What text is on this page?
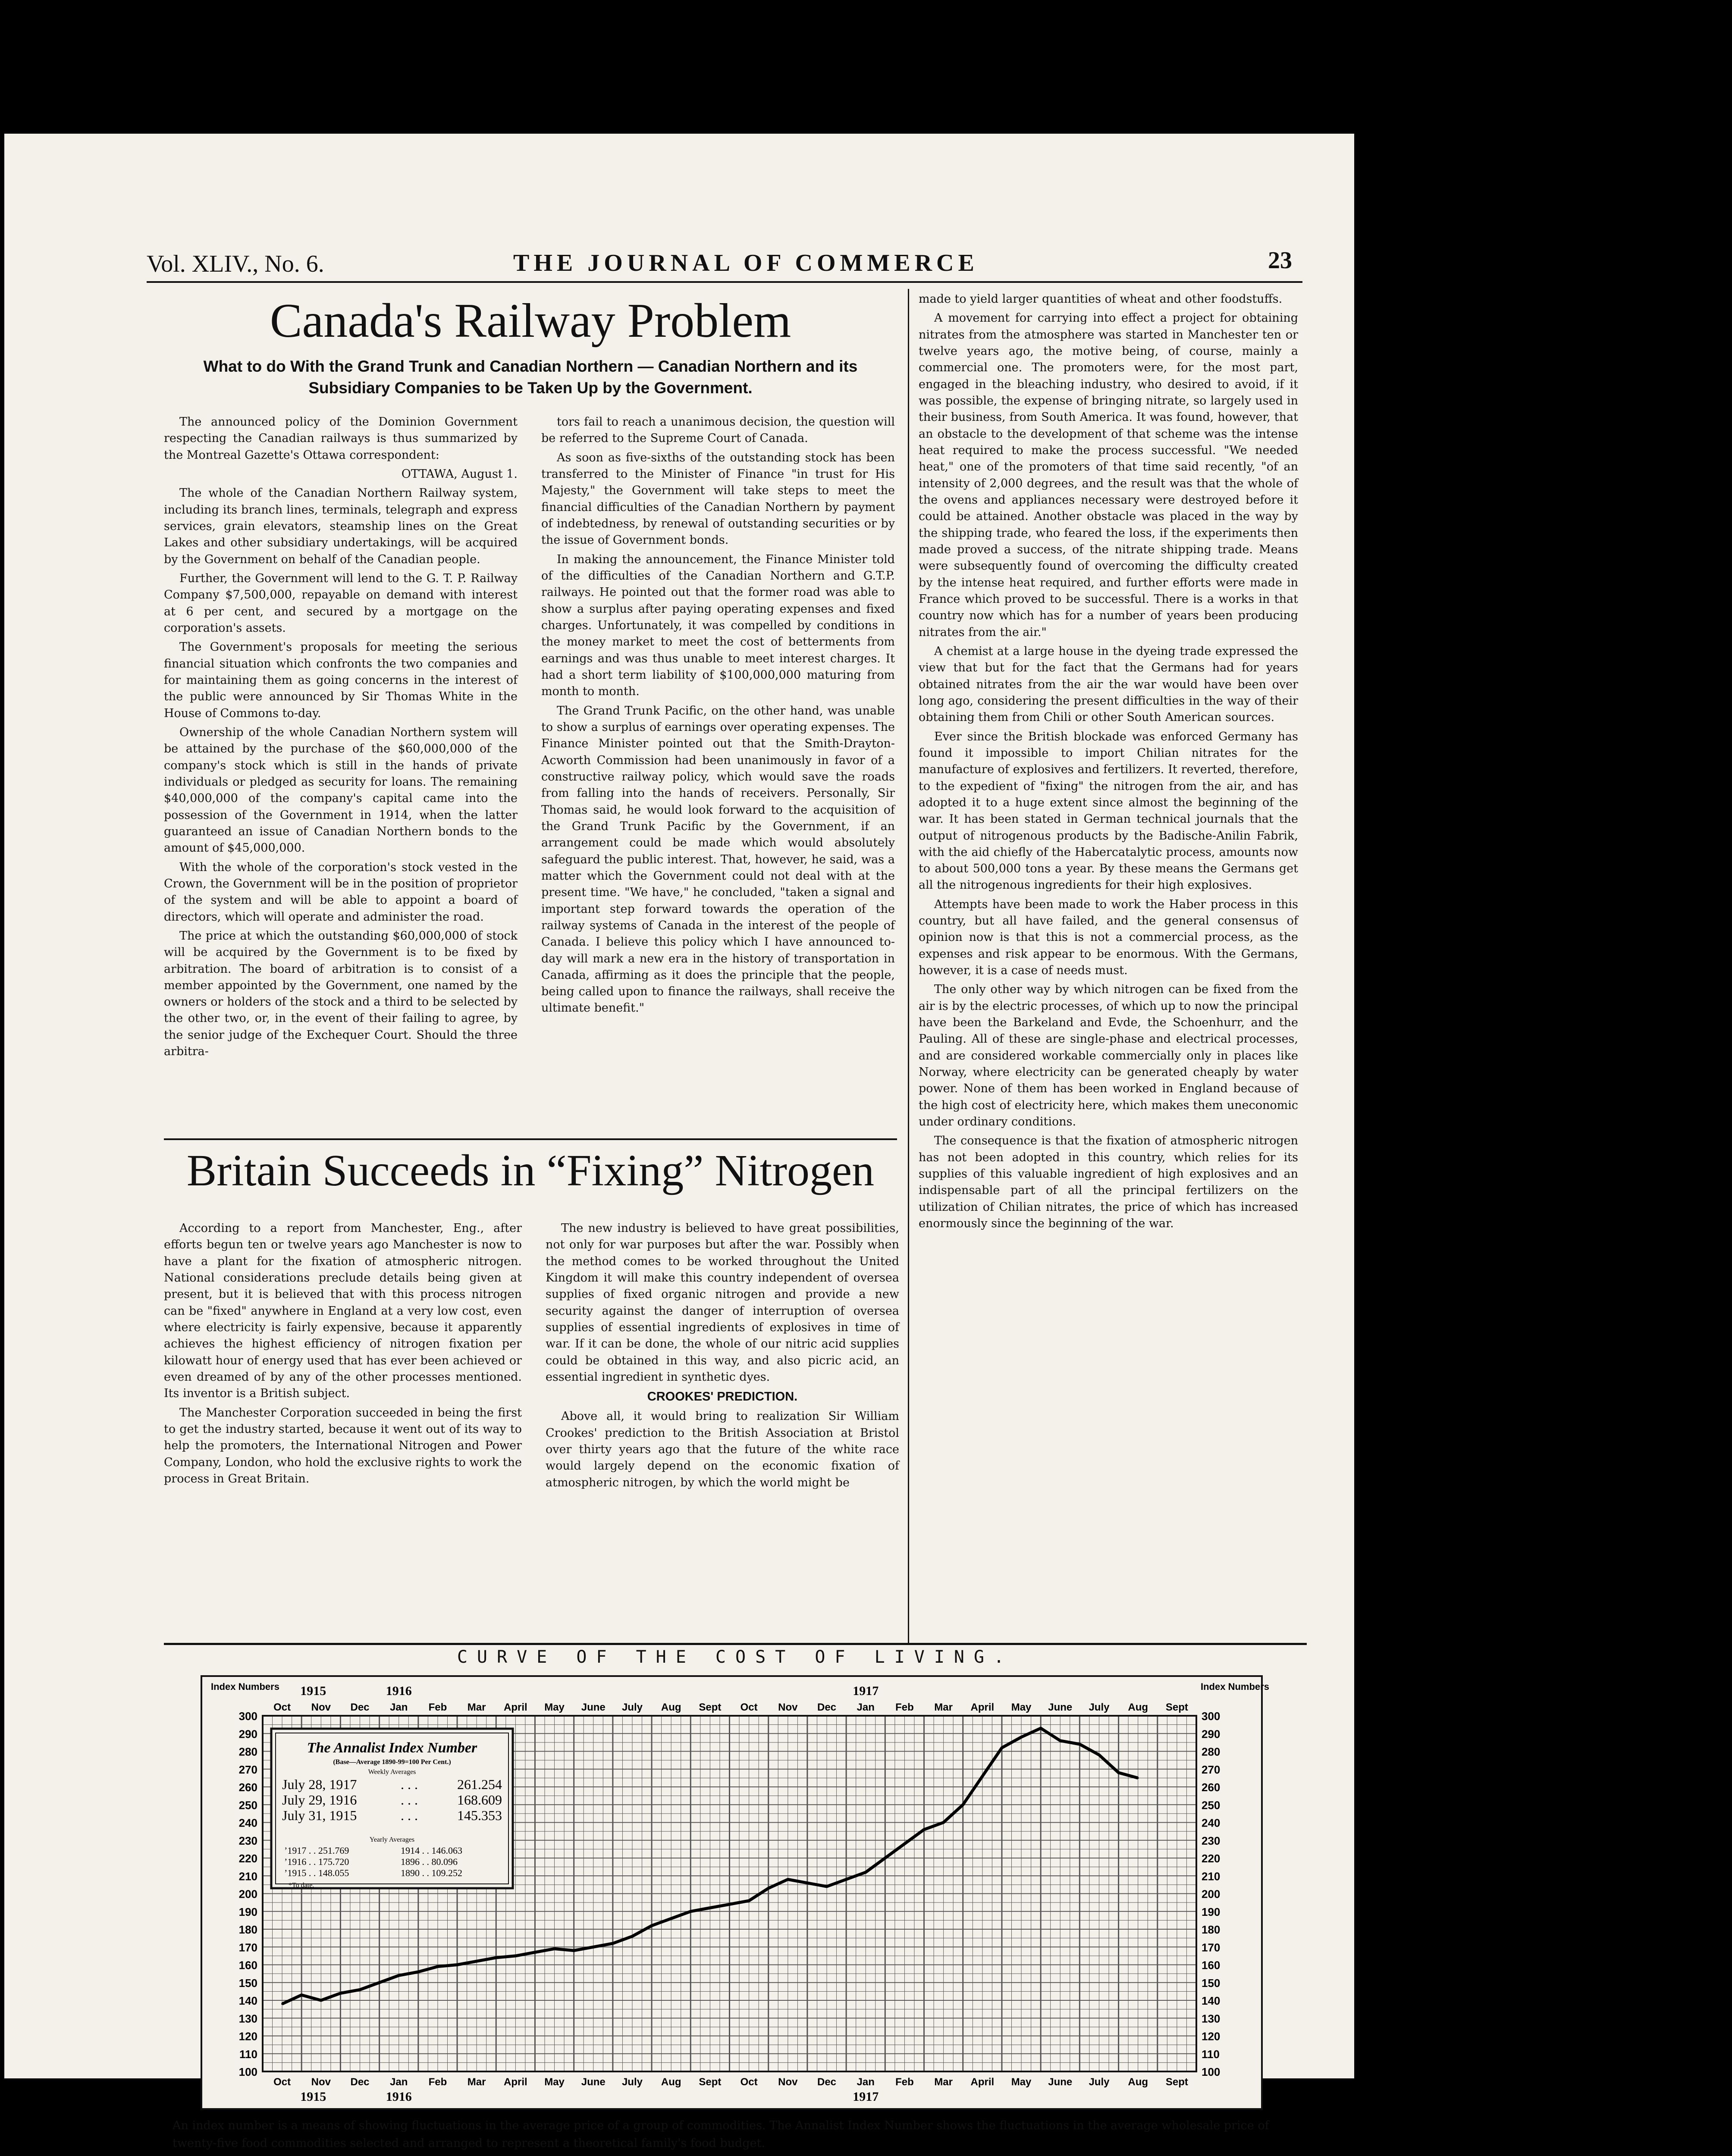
Vol. XLIV., No. 6.	THE JOURNAL OF COMMERCE	23
Canada's Railway Problem
What to do With the Grand Trunk and Canadian Northern — Canadian Northern and its Subsidiary Companies to be Taken Up by the Government.

The announced policy of the Dominion Government respecting the Canadian railways is thus summarized by the Montreal Gazette's Ottawa correspondent:

OTTAWA, August 1.

The whole of the Canadian Northern Railway system, including its branch lines, terminals, telegraph and express services, grain elevators, steamship lines on the Great Lakes and other subsidiary undertakings, will be acquired by the Government on behalf of the Canadian people.

Further, the Government will lend to the G. T. P. Railway Company $7,500,000, repayable on demand with interest at 6 per cent, and secured by a mortgage on the corporation's assets.

The Government's proposals for meeting the serious financial situation which confronts the two companies and for maintaining them as going concerns in the interest of the public were announced by Sir Thomas White in the House of Commons to-day.

Ownership of the whole Canadian Northern system will be attained by the purchase of the $60,000,000 of the company's stock which is still in the hands of private individuals or pledged as security for loans. The remaining $40,000,000 of the company's capital came into the possession of the Government in 1914, when the latter guaranteed an issue of Canadian Northern bonds to the amount of $45,000,000.

With the whole of the corporation's stock vested in the Crown, the Government will be in the position of proprietor of the system and will be able to appoint a board of directors, which will operate and administer the road.

The price at which the outstanding $60,000,000 of stock will be acquired by the Government is to be fixed by arbitration. The board of arbitration is to consist of a member appointed by the Government, one named by the owners or holders of the stock and a third to be selected by the other two, or, in the event of their failing to agree, by the senior judge of the Exchequer Court. Should the three arbitra-

tors fail to reach a unanimous decision, the question will be referred to the Supreme Court of Canada.

As soon as five-sixths of the outstanding stock has been transferred to the Minister of Finance "in trust for His Majesty," the Government will take steps to meet the financial difficulties of the Canadian Northern by payment of indebtedness, by renewal of outstanding securities or by the issue of Government bonds.

In making the announcement, the Finance Minister told of the difficulties of the Canadian Northern and G.T.P. railways. He pointed out that the former road was able to show a surplus after paying operating expenses and fixed charges. Unfortunately, it was compelled by conditions in the money market to meet the cost of betterments from earnings and was thus unable to meet interest charges. It had a short term liability of $100,000,000 maturing from month to month.

The Grand Trunk Pacific, on the other hand, was unable to show a surplus of earnings over operating expenses. The Finance Minister pointed out that the Smith-Drayton-Acworth Commission had been unanimously in favor of a constructive railway policy, which would save the roads from falling into the hands of receivers. Personally, Sir Thomas said, he would look forward to the acquisition of the Grand Trunk Pacific by the Government, if an arrangement could be made which would absolutely safeguard the public interest. That, however, he said, was a matter which the Government could not deal with at the present time. "We have," he concluded, "taken a signal and important step forward towards the operation of the railway systems of Canada in the interest of the people of Canada. I believe this policy which I have announced to-day will mark a new era in the history of transportation in Canada, affirming as it does the principle that the people, being called upon to finance the railways, shall receive the ultimate benefit."

made to yield larger quantities of wheat and other foodstuffs.

A movement for carrying into effect a project for obtaining nitrates from the atmosphere was started in Manchester ten or twelve years ago, the motive being, of course, mainly a commercial one. The promoters were, for the most part, engaged in the bleaching industry, who desired to avoid, if it was possible, the expense of bringing nitrate, so largely used in their business, from South America. It was found, however, that an obstacle to the development of that scheme was the intense heat required to make the process successful. "We needed heat," one of the promoters of that time said recently, "of an intensity of 2,000 degrees, and the result was that the whole of the ovens and appliances necessary were destroyed before it could be attained. Another obstacle was placed in the way by the shipping trade, who feared the loss, if the experiments then made proved a success, of the nitrate shipping trade. Means were subsequently found of overcoming the difficulty created by the intense heat required, and further efforts were made in France which proved to be successful. There is a works in that country now which has for a number of years been producing nitrates from the air."

A chemist at a large house in the dyeing trade expressed the view that but for the fact that the Germans had for years obtained nitrates from the air the war would have been over long ago, considering the present difficulties in the way of their obtaining them from Chili or other South American sources.

Ever since the British blockade was enforced Germany has found it impossible to import Chilian nitrates for the manufacture of explosives and fertilizers. It reverted, therefore, to the expedient of "fixing" the nitrogen from the air, and has adopted it to a huge extent since almost the beginning of the war. It has been stated in German technical journals that the output of nitrogenous products by the Badische-Anilin Fabrik, with the aid chiefly of the Habercatalytic process, amounts now to about 500,000 tons a year. By these means the Germans get all the nitrogenous ingredients for their high explosives.

Attempts have been made to work the Haber process in this country, but all have failed, and the general consensus of opinion now is that this is not a commercial process, as the expenses and risk appear to be enormous. With the Germans, however, it is a case of needs must.

The only other way by which nitrogen can be fixed from the air is by the electric processes, of which up to now the principal have been the Barkeland and Evde, the Schoenhurr, and the Pauling. All of these are single-phase and electrical processes, and are considered workable commercially only in places like Norway, where electricity can be generated cheaply by water power. None of them has been worked in England because of the high cost of electricity here, which makes them uneconomic under ordinary conditions.

The consequence is that the fixation of atmospheric nitrogen has not been adopted in this country, which relies for its supplies of this valuable ingredient of high explosives and an indispensable part of all the principal fertilizers on the utilization of Chilian nitrates, the price of which has increased enormously since the beginning of the war.

Britain Succeeds in “Fixing” Nitrogen

According to a report from Manchester, Eng., after efforts begun ten or twelve years ago Manchester is now to have a plant for the fixation of atmospheric nitrogen. National considerations preclude details being given at present, but it is believed that with this process nitrogen can be "fixed" anywhere in England at a very low cost, even where electricity is fairly expensive, because it apparently achieves the highest efficiency of nitrogen fixation per kilowatt hour of energy used that has ever been achieved or even dreamed of by any of the other processes mentioned. Its inventor is a British subject.

The Manchester Corporation succeeded in being the first to get the industry started, because it went out of its way to help the promoters, the International Nitrogen and Power Company, London, who hold the exclusive rights to work the process in Great Britain.

The new industry is believed to have great possibilities, not only for war purposes but after the war. Possibly when the method comes to be worked throughout the United Kingdom it will make this country independent of oversea supplies of fixed organic nitrogen and provide a new security against the danger of interruption of oversea supplies of essential ingredients of explosives in time of war. If it can be done, the whole of our nitric acid supplies could be obtained in this way, and also picric acid, an essential ingredient in synthetic dyes.

CROOKES' PREDICTION.

Above all, it would bring to realization Sir William Crookes' prediction to the British Association at Bristol over thirty years ago that the future of the white race would largely depend on the economic fixation of atmospheric nitrogen, by which the world might be

CURVE OF THE COST OF LIVING.
100	100
110	110
120	120
130	130
140	140
150	150
160	160
170	170
180	180
190	190
200	200
210	210
220	220
230	230
240	240
250	250
260	260
270	270
280	280
290	290
300	300
Index Numbers	Index Numbers
Oct
Oct
Nov
Nov
Dec
Dec
Jan
Jan
Feb
Feb
Mar
Mar
April
April
May
May
June
June
July
July
Aug
Aug
Sept
Sept
Oct
Oct
Nov
Nov
Dec
Dec
Jan
Jan
Feb
Feb
Mar
Mar
April
April
May
May
June
June
July
July
Aug
Aug
Sept
Sept
1915
1915
1916
1916
1917
1917
The Annalist Index Number
(Base—Average 1890-99=100 Per Cent.)
Weekly Averages
July 28, 1917	. . .	261.254
July 29, 1916	. . .	168.609
July 31, 1915	. . .	145.353
Yearly Averages
’1917 . . 251.769	1914 . . 146.063
’1916 . . 175.720	1896 . . 80.096
’1915 . . 148.055	1890 . . 109.252
*To date.
An index number is a means of showing fluctuations in the average price of a group of commodities. The Annalist Index Number shows the fluctuations in the average wholesale price of twenty-five food commodities selected and arranged to represent a theoretical family's food budget.
